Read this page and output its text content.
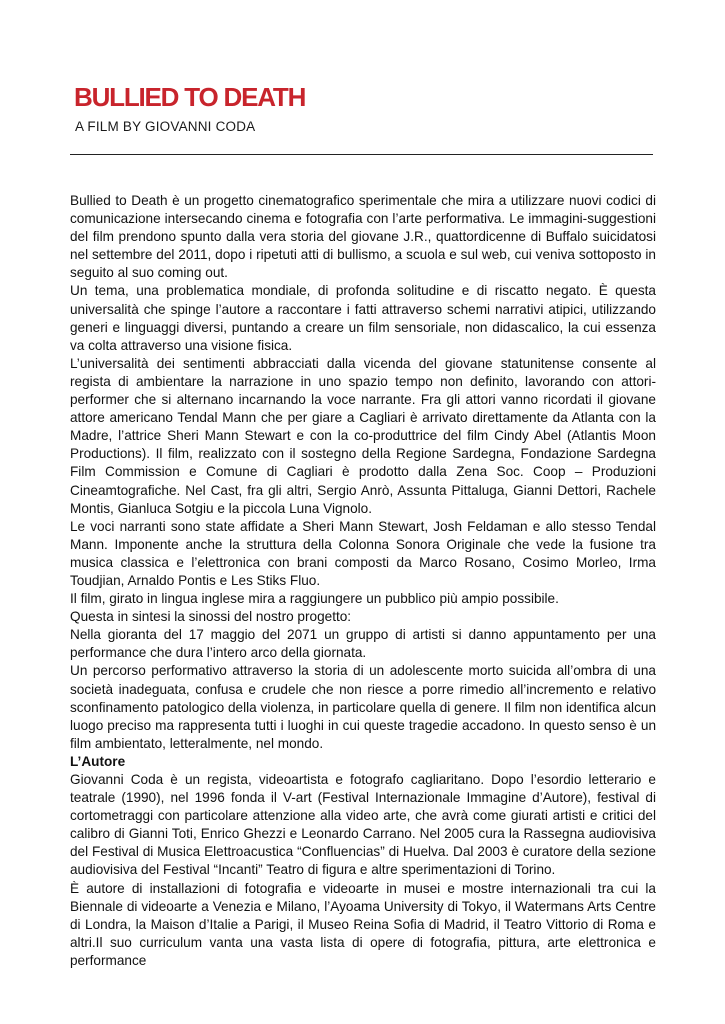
BULLIED TO DEATH
A FILM BY GIOVANNI CODA

Bullied to Death è un progetto cinematografico sperimentale che mira a utilizzare nuovi codici di comunicazione intersecando cinema e fotografia con l’arte performativa. Le immagini-suggestioni del film prendono spunto dalla vera storia del giovane J.R., quattordicenne di Buffalo suicidatosi nel settembre del 2011, dopo i ripetuti atti di bullismo, a scuola e sul web, cui veniva sottoposto in seguito al suo coming out.

Un tema, una problematica mondiale, di profonda solitudine e di riscatto negato. È questa universalità che spinge l’autore a raccontare i fatti attraverso schemi narrativi atipici, utilizzando generi e linguaggi diversi, puntando a creare un film sensoriale, non didascalico, la cui essenza va colta attraverso una visione fisica.

L’universalità dei sentimenti abbracciati dalla vicenda del giovane statunitense consente al regista di ambientare la narrazione in uno spazio tempo non definito, lavorando con attori-performer che si alternano incarnando la voce narrante. Fra gli attori vanno ricordati il giovane attore americano Tendal Mann che per giare a Cagliari è arrivato direttamente da Atlanta con la Madre, l’attrice Sheri Mann Stewart e con la co-produttrice del film Cindy Abel (Atlantis Moon Productions). Il film, realizzato con il sostegno della Regione Sardegna, Fondazione Sardegna Film Commission e Comune di Cagliari è prodotto dalla Zena Soc. Coop – Produzioni Cineamtografiche. Nel Cast, fra gli altri, Sergio Anrò, Assunta Pittaluga, Gianni Dettori, Rachele Montis, Gianluca Sotgiu e la piccola Luna Vignolo.

Le voci narranti sono state affidate a Sheri Mann Stewart, Josh Feldaman e allo stesso Tendal Mann. Imponente anche la struttura della Colonna Sonora Originale che vede la fusione tra musica classica e l’elettronica con brani composti da Marco Rosano, Cosimo Morleo, Irma Toudjian, Arnaldo Pontis e Les Stiks Fluo.

Il film, girato in lingua inglese mira a raggiungere un pubblico più ampio possibile.

Questa in sintesi la sinossi del nostro progetto:

Nella gioranta del 17 maggio del 2071 un gruppo di artisti si danno appuntamento per una performance che dura l’intero arco della giornata.

Un percorso performativo attraverso la storia di un adolescente morto suicida all’ombra di una società inadeguata, confusa e crudele che non riesce a porre rimedio all’incremento e relativo sconfinamento patologico della violenza, in particolare quella di genere. Il film non identifica alcun luogo preciso ma rappresenta tutti i luoghi in cui queste tragedie accadono. In questo senso è un film ambientato, letteralmente, nel mondo.

L’Autore

Giovanni Coda è un regista, videoartista e fotografo cagliaritano. Dopo l’esordio letterario e teatrale (1990), nel 1996 fonda il V-art (Festival Internazionale Immagine d’Autore), festival di cortometraggi con particolare attenzione alla video arte, che avrà come giurati artisti e critici del calibro di Gianni Toti, Enrico Ghezzi e Leonardo Carrano. Nel 2005 cura la Rassegna audiovisiva del Festival di Musica Elettroacustica “Confluencias” di Huelva. Dal 2003 è curatore della sezione audiovisiva del Festival “Incanti” Teatro di figura e altre sperimentazioni di Torino.

È autore di installazioni di fotografia e videoarte in musei e mostre internazionali tra cui la Biennale di videoarte a Venezia e Milano, l’Ayoama University di Tokyo, il Watermans Arts Centre di Londra, la Maison d’Italie a Parigi, il Museo Reina Sofia di Madrid, il Teatro Vittorio di Roma e altri.Il suo curriculum vanta una vasta lista di opere di fotografia, pittura, arte elettronica e performance
